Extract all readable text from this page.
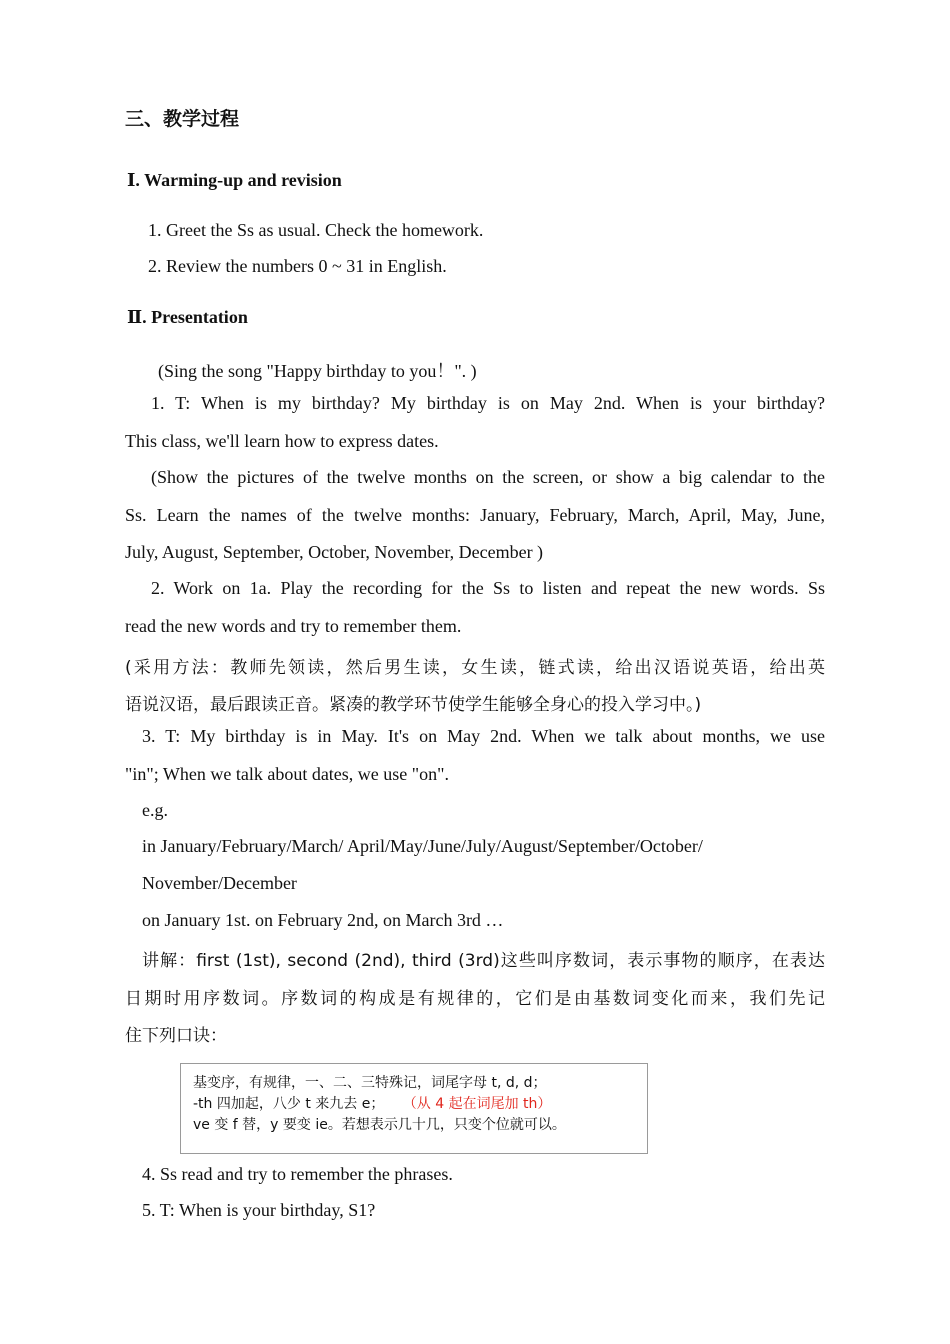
三、教学过程
Ⅰ. Warming-up and revision
1. Greet the Ss as usual. Check the homework.
2. Review the numbers 0 ~ 31 in English.
Ⅱ. Presentation
(Sing the song "Happy birthday to you！". )
1. T: When is my birthday? My birthday is on May 2nd. When is your birthday?
This class, we'll learn how to express dates.
(Show the pictures of the twelve months on the screen, or show a big calendar to the
Ss. Learn the names of the twelve months: January, February, March, April, May, June,
July, August, September, October, November, December )
2. Work on 1a. Play the recording for the Ss to listen and repeat the new words. Ss
read the new words and try to remember them.
(采用方法：教师先领读，然后男生读，女生读，链式读，给出汉语说英语，给出英
语说汉语，最后跟读正音。紧凑的教学环节使学生能够全身心的投入学习中。)
3. T: My birthday is in May. It's on May 2nd. When we talk about months, we use
"in"; When we talk about dates, we use "on".
e.g.
in January/February/March/ April/May/June/July/August/September/October/
November/December
on January 1st. on February 2nd, on March 3rd …
讲解：first (1st), second (2nd), third (3rd)这些叫序数词，表示事物的顺序，在表达
日期时用序数词。序数词的构成是有规律的，它们是由基数词变化而来，我们先记
住下列口诀：
基变序，有规律，一、二、三特殊记，词尾字母 t, d, d；
-th 四加起，八少 t 来九去 e； （从 4 起在词尾加 th）
ve 变 f 替，y 要变 ie。若想表示几十几，只变个位就可以。
4. Ss read and try to remember the phrases.
5. T: When is your birthday, S1?
